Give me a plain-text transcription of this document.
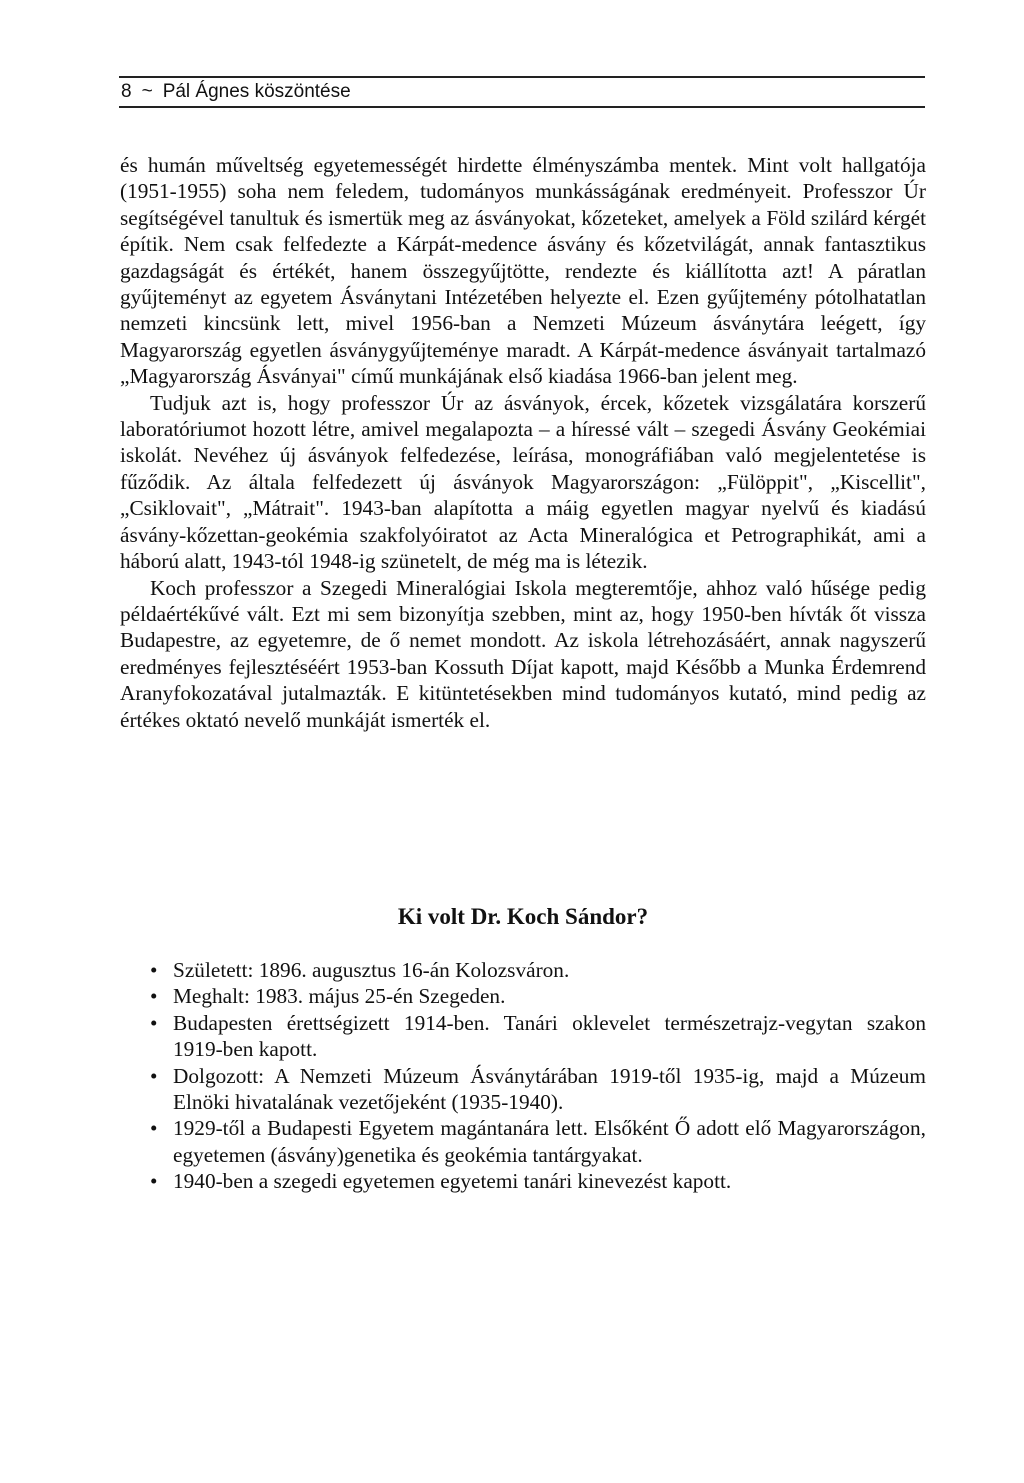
8 ~ Pál Ágnes köszöntése

és humán műveltség egyetemességét hirdette élményszámba mentek. Mint volt hallgatója (1951-1955) soha nem feledem, tudományos munkásságának eredményeit. Professzor Úr segítségével tanultuk és ismertük meg az ásványokat, kőzeteket, amelyek a Föld szilárd kérgét építik. Nem csak felfedezte a Kárpát-medence ásvány és kőzetvilágát, annak fantasztikus gazdagságát és értékét, hanem összegyűjtötte, rendezte és kiállította azt! A páratlan gyűjteményt az egyetem Ásványtani Intézetében helyezte el. Ezen gyűjtemény pótolhatatlan nemzeti kincsünk lett, mivel 1956-ban a Nemzeti Múzeum ásványtára leégett, így Magyarország egyetlen ásványgyűjteménye maradt. A Kárpát-medence ásványait tartalmazó „Magyarország Ásványai" című munkájának első kiadása 1966-ban jelent meg.

Tudjuk azt is, hogy professzor Úr az ásványok, ércek, kőzetek vizsgálatára korszerű laboratóriumot hozott létre, amivel megalapozta – a híressé vált – szegedi Ásvány Geokémiai iskolát. Nevéhez új ásványok felfedezése, leírása, monográfiában való megjelentetése is fűződik. Az általa felfedezett új ásványok Magyarországon: „Fülöppit", „Kiscellit", „Csiklovait", „Mátrait". 1943-ban alapította a máig egyetlen magyar nyelvű és kiadású ásvány-kőzettan-geokémia szakfolyóiratot az Acta Mineralógica et Petrographikát, ami a háború alatt, 1943-tól 1948-ig szünetelt, de még ma is létezik.

Koch professzor a Szegedi Mineralógiai Iskola megteremtője, ahhoz való hűsége pedig példaértékűvé vált. Ezt mi sem bizonyítja szebben, mint az, hogy 1950-ben hívták őt vissza Budapestre, az egyetemre, de ő nemet mondott. Az iskola létrehozásáért, annak nagyszerű eredményes fejlesztéséért 1953-ban Kossuth Díjat kapott, majd Később a Munka Érdemrend Aranyfokozatával jutalmazták. E kitüntetésekben mind tudományos kutató, mind pedig az értékes oktató nevelő munkáját ismerték el.

Ki volt Dr. Koch Sándor?
• Született: 1896. augusztus 16-án Kolozsváron.
• Meghalt: 1983. május 25-én Szegeden.
• Budapesten érettségizett 1914-ben. Tanári oklevelet természetrajz-vegytan szakon 1919-ben kapott.
• Dolgozott: A Nemzeti Múzeum Ásványtárában 1919-től 1935-ig, majd a Múzeum Elnöki hivatalának vezetőjeként (1935-1940).
• 1929-től a Budapesti Egyetem magántanára lett. Elsőként Ő adott elő Magyarországon, egyetemen (ásvány)genetika és geokémia tantárgyakat.
• 1940-ben a szegedi egyetemen egyetemi tanári kinevezést kapott.
